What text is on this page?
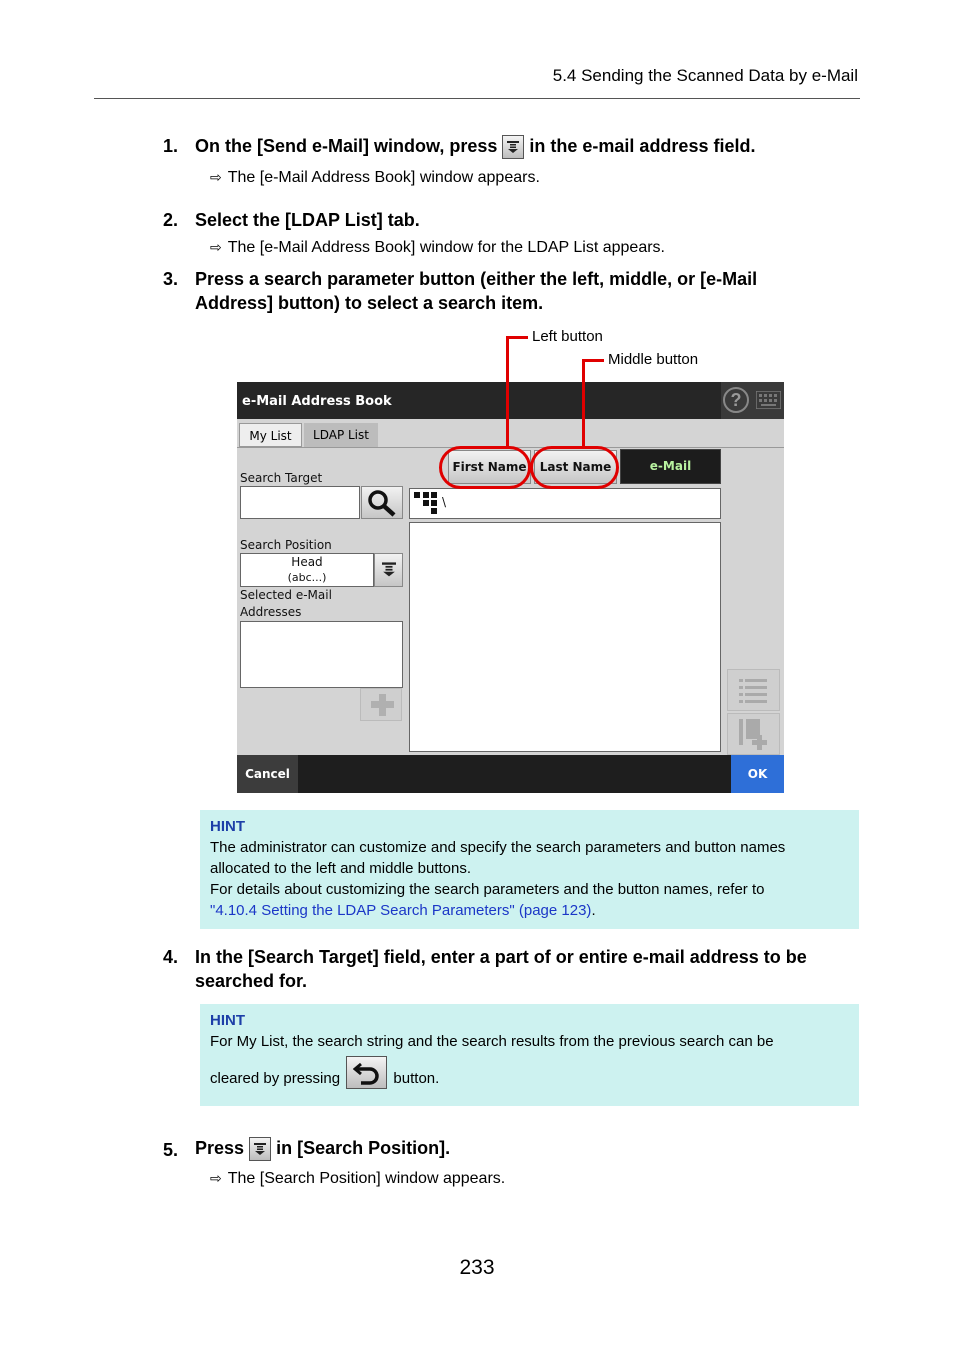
5.4 Sending the Scanned Data by e-Mail
1. On the [Send e-Mail] window, press in the e-mail address field.
⇨ The [e-Mail Address Book] window appears.
2. Select the [LDAP List] tab.
⇨ The [e-Mail Address Book] window for the LDAP List appears.
3. Press a search parameter button (either the left, middle, or [e-Mail
Address] button) to select a search item.
Left button
Middle button
e-Mail Address Book	?
My List	LDAP List
Search Target
First Name	Last Name	e-Mail
\
Search Position
Head
(abc...)
Selected e-Mail
Addresses
Cancel	OK
HINT
The administrator can customize and specify the search parameters and button names
allocated to the left and middle buttons.
For details about customizing the search parameters and the button names, refer to
"4.10.4 Setting the LDAP Search Parameters" (page 123).
4. In the [Search Target] field, enter a part of or entire e-mail address to be
searched for.
HINT
For My List, the search string and the search results from the previous search can be
cleared by pressing	button.
5. Press in [Search Position].
⇨ The [Search Position] window appears.
233
